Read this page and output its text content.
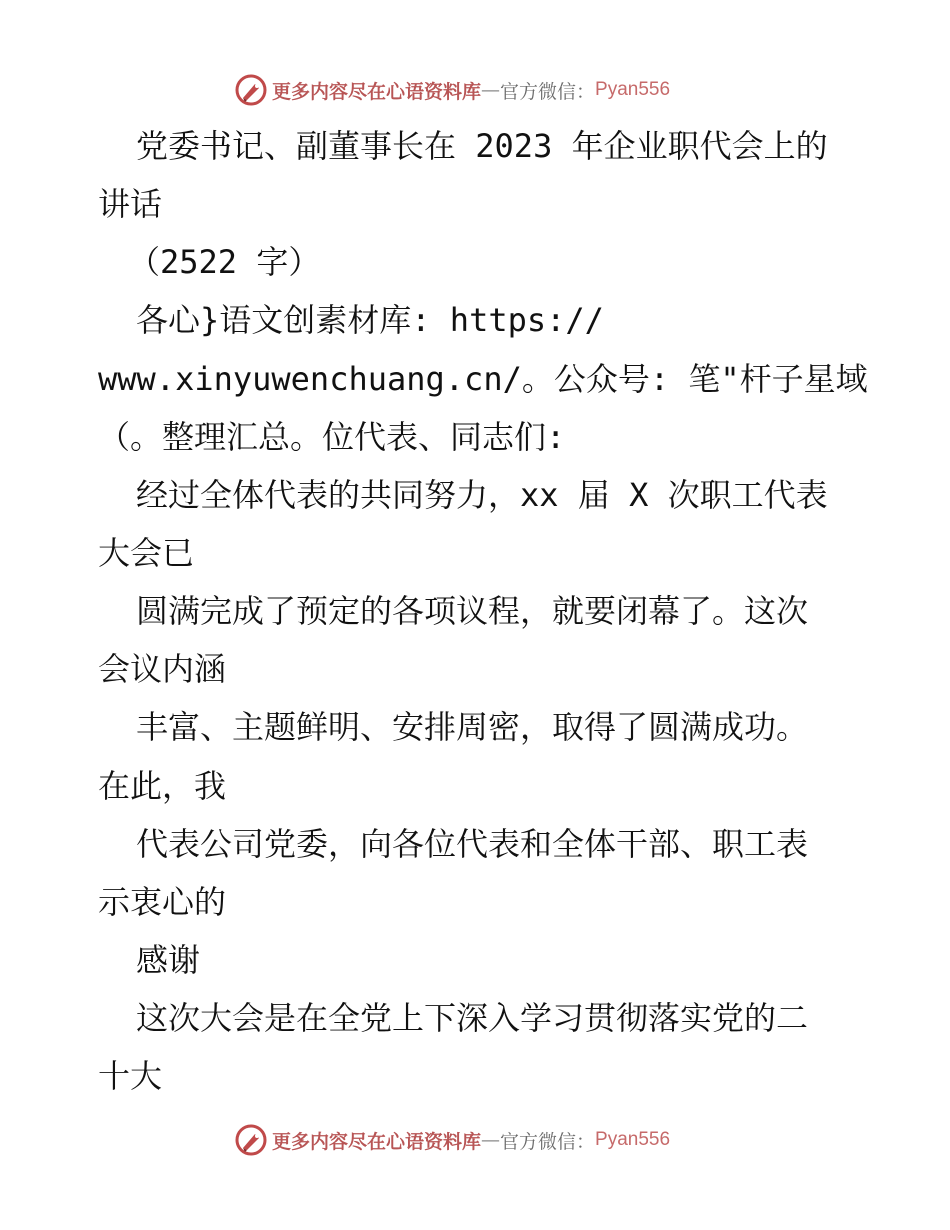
更多内容尽在心语资料库 — 官方微信： Pyan556
党委书记、副董事长在 2023 年企业职代会上的
讲话
（2522 字）
各心}语文创素材库: https://
www.xinyuwenchuang.cn/。公众号: 笔"杆子星域
（。整理汇总。位代表、同志们:
经过全体代表的共同努力，xx 届 X 次职工代表
大会已
圆满完成了预定的各项议程，就要闭幕了。这次
会议内涵
丰富、主题鲜明、安排周密，取得了圆满成功。
在此，我
代表公司党委，向各位代表和全体干部、职工表
示衷心的
感谢
这次大会是在全党上下深入学习贯彻落实党的二
十大
更多内容尽在心语资料库 — 官方微信： Pyan556
